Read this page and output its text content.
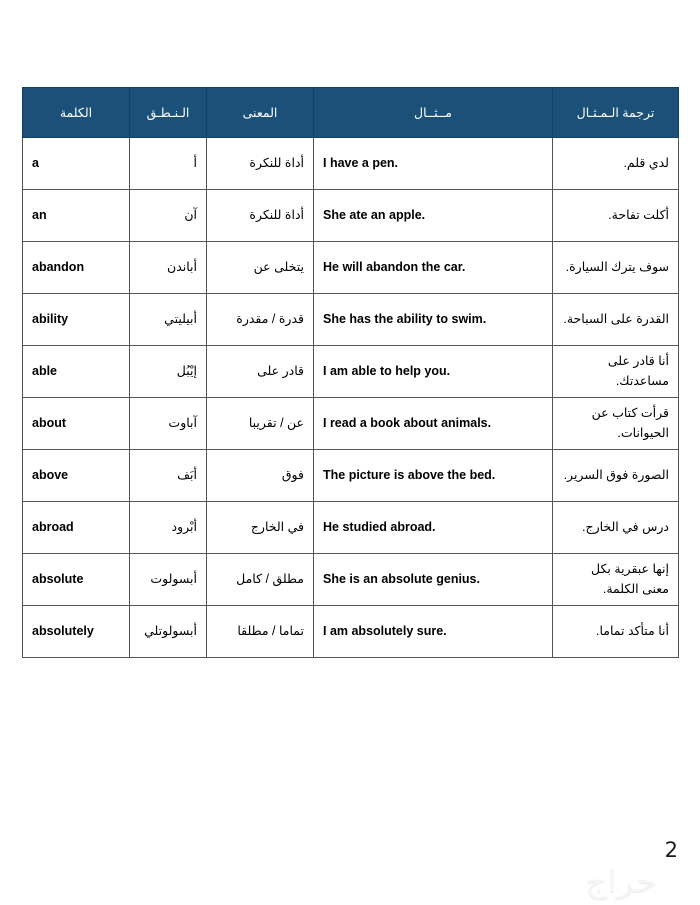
الكلمة	الـنـطـق	المعنى	مــثــال	ترجمة الـمـثـال
a	أ	أداة للنكرة	I have a pen.	لدي قلم.
an	آن	أداة للنكرة	She ate an apple.	أكلت تفاحة.
abandon	أباندن	يتخلى عن	He will abandon the car.	سوف يترك السيارة.
ability	أبيليتي	قدرة / مقدرة	She has the ability to swim.	القدرة على السباحة.
able	إيْبُل	قادر على	I am able to help you.	أنا قادر على مساعدتك.
about	آباوت	عن / تقريبا	I read a book about animals.	قرأت كتاب عن الحيوانات.
above	أبَف	فوق	The picture is above the bed.	الصورة فوق السرير.
abroad	أبْرود	في الخارج	He studied abroad.	درس في الخارج.
absolute	أبسولوت	مطلق / كامل	She is an absolute genius.	إنها عبقرية بكل معنى الكلمة.
absolutely	أبسولوتلي	تماما / مطلقا	I am absolutely sure.	أنا متأكد تماما.
2
حراج
